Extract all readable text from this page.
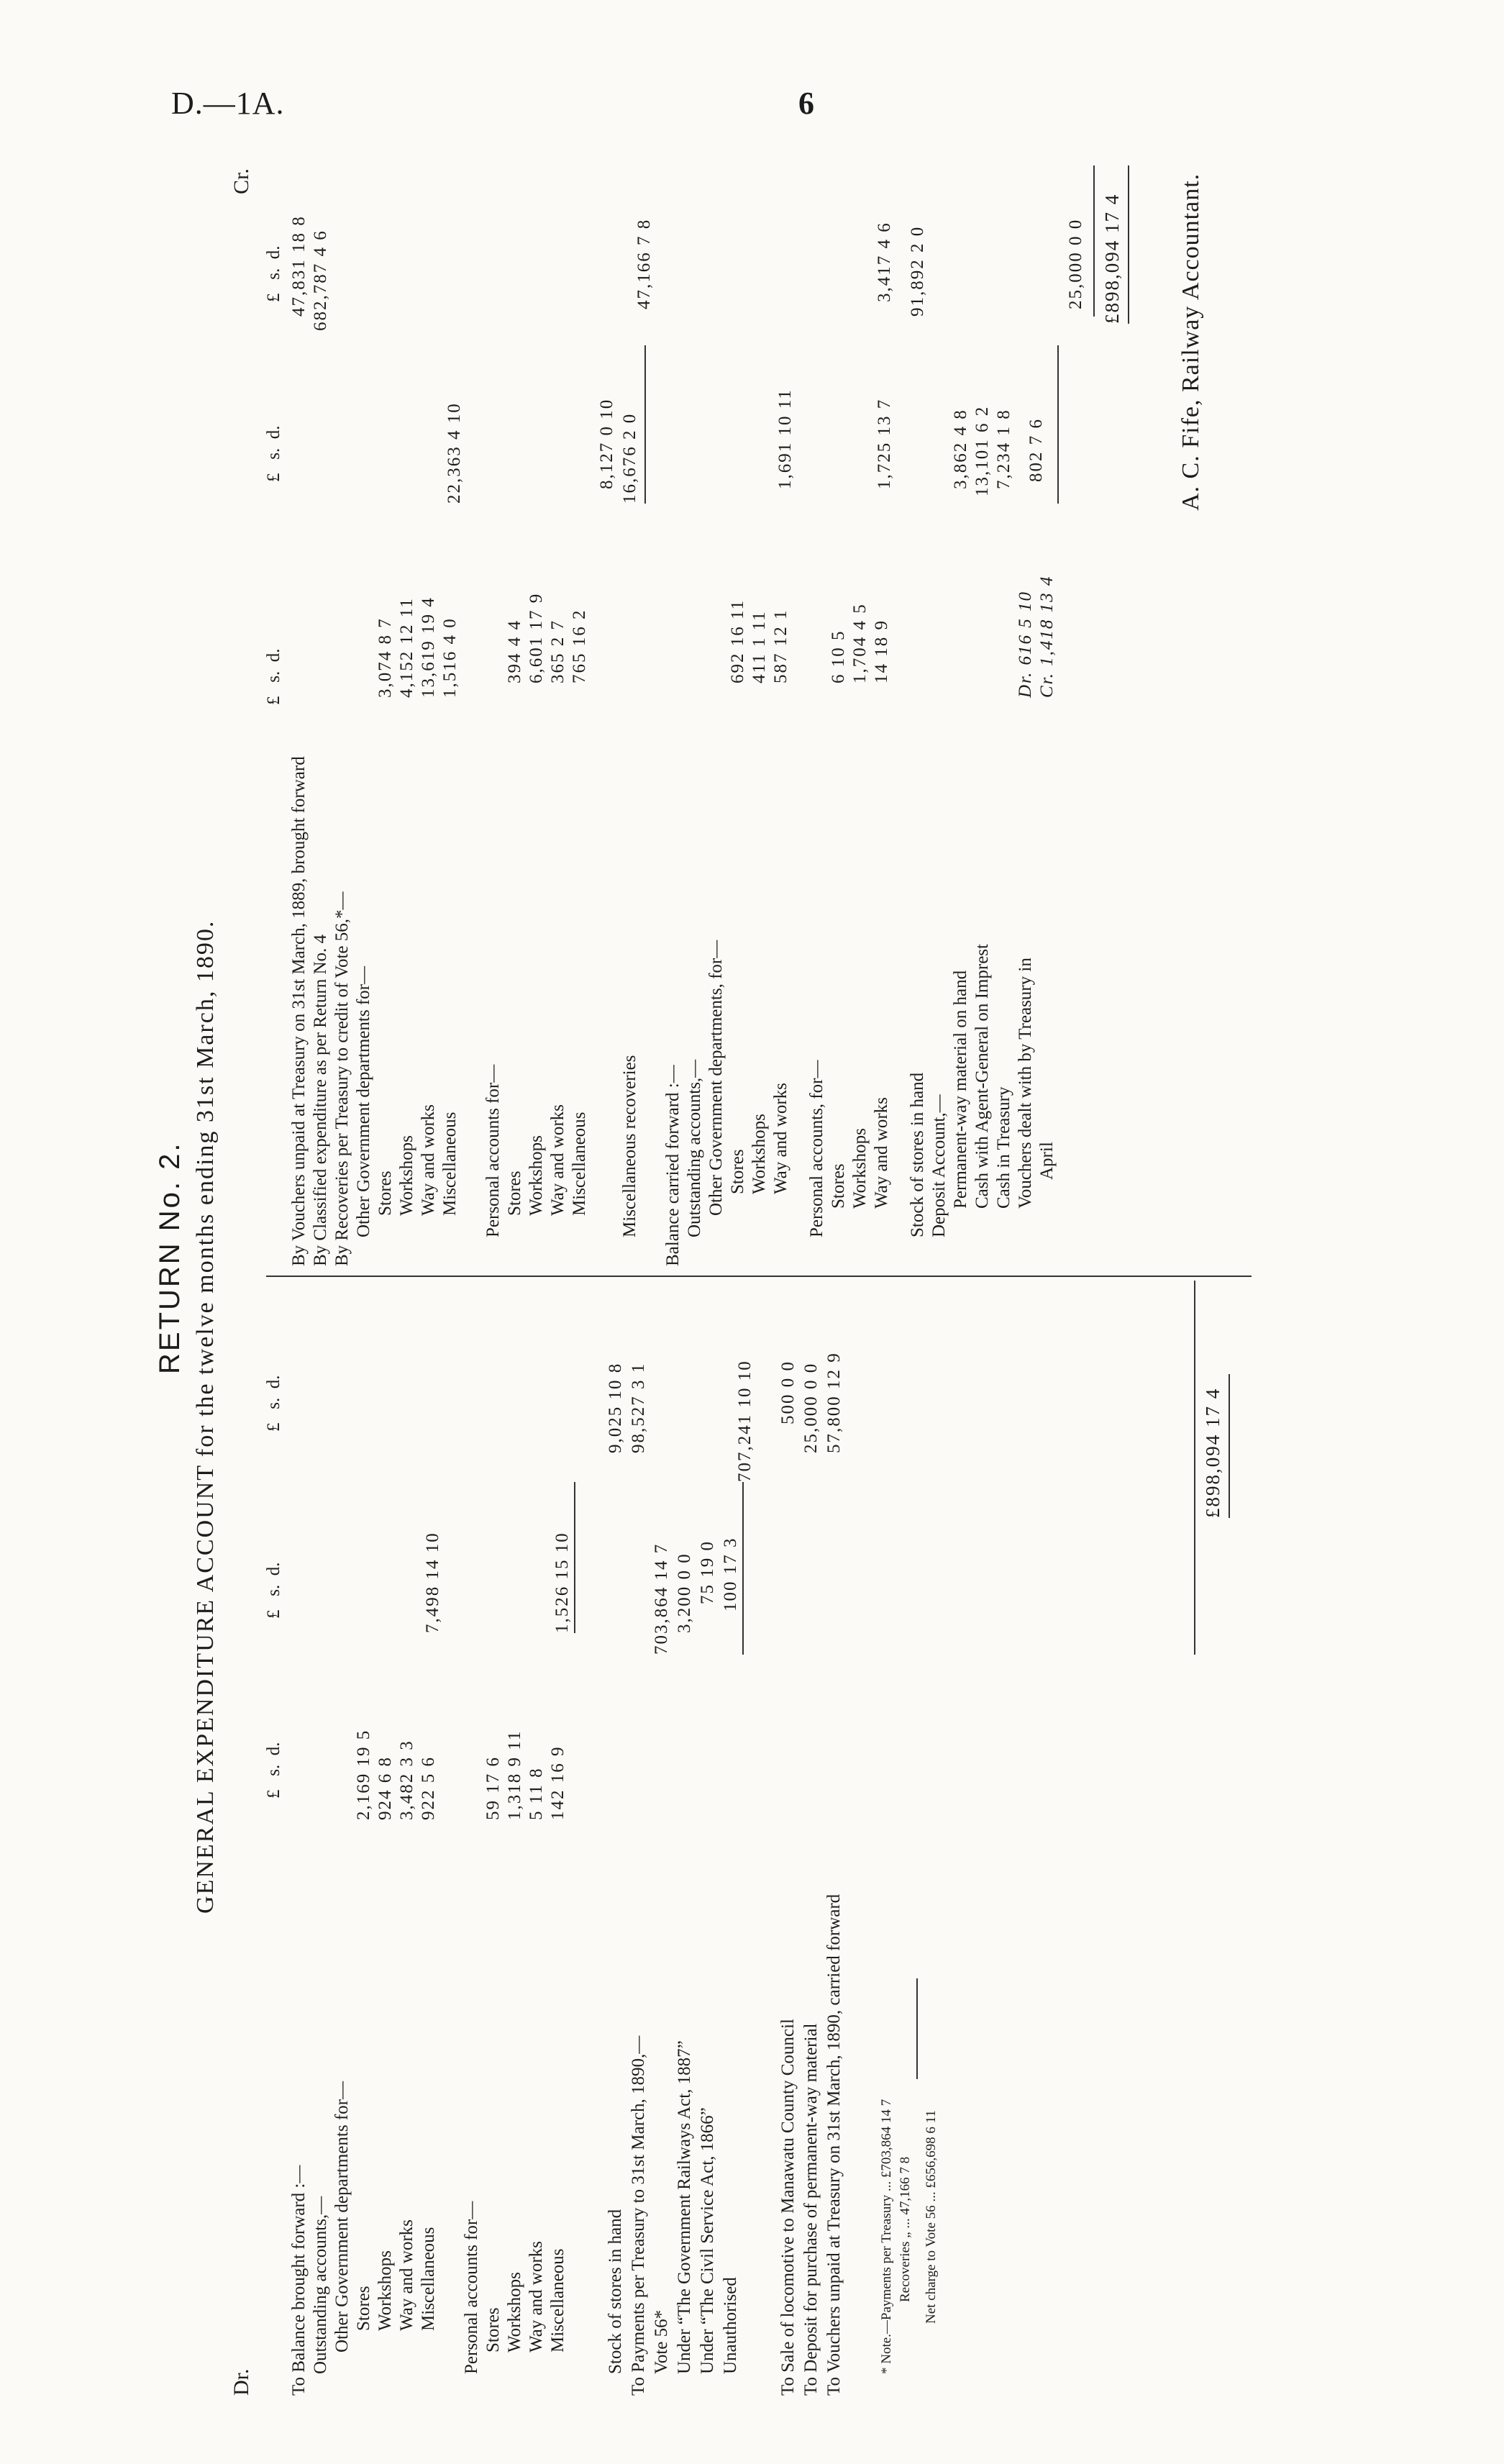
D.—1A.	6
RETURN No. 2. GENERAL EXPENDITURE ACCOUNT for the twelve months ending 31st March, 1890.
Dr.
Cr.
£   s.  d.
£   s.  d.
£   s.  d.
To Balance brought forward :— Outstanding accounts,— Other Government departments for— Stores
2,169 19 5
Workshops
924 6 8
Way and works
3,482 3 3
Miscellaneous
922 5 6
7,498 14 10
Personal accounts for— Stores
59 17 6
Workshops
1,318 9 11
Way and works
5 11 8
Miscellaneous
142 16 9
1,526 15 10
Stock of stores in hand
9,025 10 8
To Payments per Treasury to 31st March, 1890,—
98,527 3 1
Vote 56*
703,864 14 7
Under “The Government Railways Act, 1887”
3,200 0 0
Under “The Civil Service Act, 1866”
75 19 0
Unauthorised
100 17 3
707,241 10 10
To Sale of locomotive to Manawatu County Council
500 0 0
To Deposit for purchase of permanent-way material
25,000 0 0
To Vouchers unpaid at Treasury on 31st March, 1890, carried forward
57,800 12 9
* Note.—Payments per Treasury ... £703,864 14 7 Recoveries „ ... 47,166 7 8 Net charge to Vote 56 ... £656,698 6 11
£898,094 17 4
£   s.  d.
£   s.  d.
£   s.  d.
By Vouchers unpaid at Treasury on 31st March, 1889, brought forward
47,831 18 8
By Classified expenditure as per Return No. 4
682,787 4 6
By Recoveries per Treasury to credit of Vote 56,*— Other Government departments for— Stores
3,074 8 7
Workshops
4,152 12 11
Way and works
13,619 19 4
Miscellaneous
1,516 4 0
22,363 4 10
Personal accounts for— Stores
394 4 4
Workshops
6,601 17 9
Way and works
365 2 7
Miscellaneous
765 16 2
8,127 0 10
Miscellaneous recoveries
16,676 2 0
47,166 7 8
Balance carried forward :— Outstanding accounts,— Other Government departments, for— Stores
692 16 11
Workshops
411 1 11
Way and works
587 12 1
1,691 10 11
Personal accounts, for— Stores
6 10 5
Workshops
1,704 4 5
Way and works
14 18 9
1,725 13 7
3,417 4 6
Stock of stores in hand
91,892 2 0
Deposit Account,— Permanent-way material on hand
3,862 4 8
Cash with Agent-General on Imprest
13,101 6 2
Cash in Treasury
7,234 1 8
Vouchers dealt with by Treasury in April
Dr. 616 5 10 Cr. 1,418 13 4
802 7 6
25,000 0 0 £898,094 17 4 A. C. Fife, Railway Accountant.
